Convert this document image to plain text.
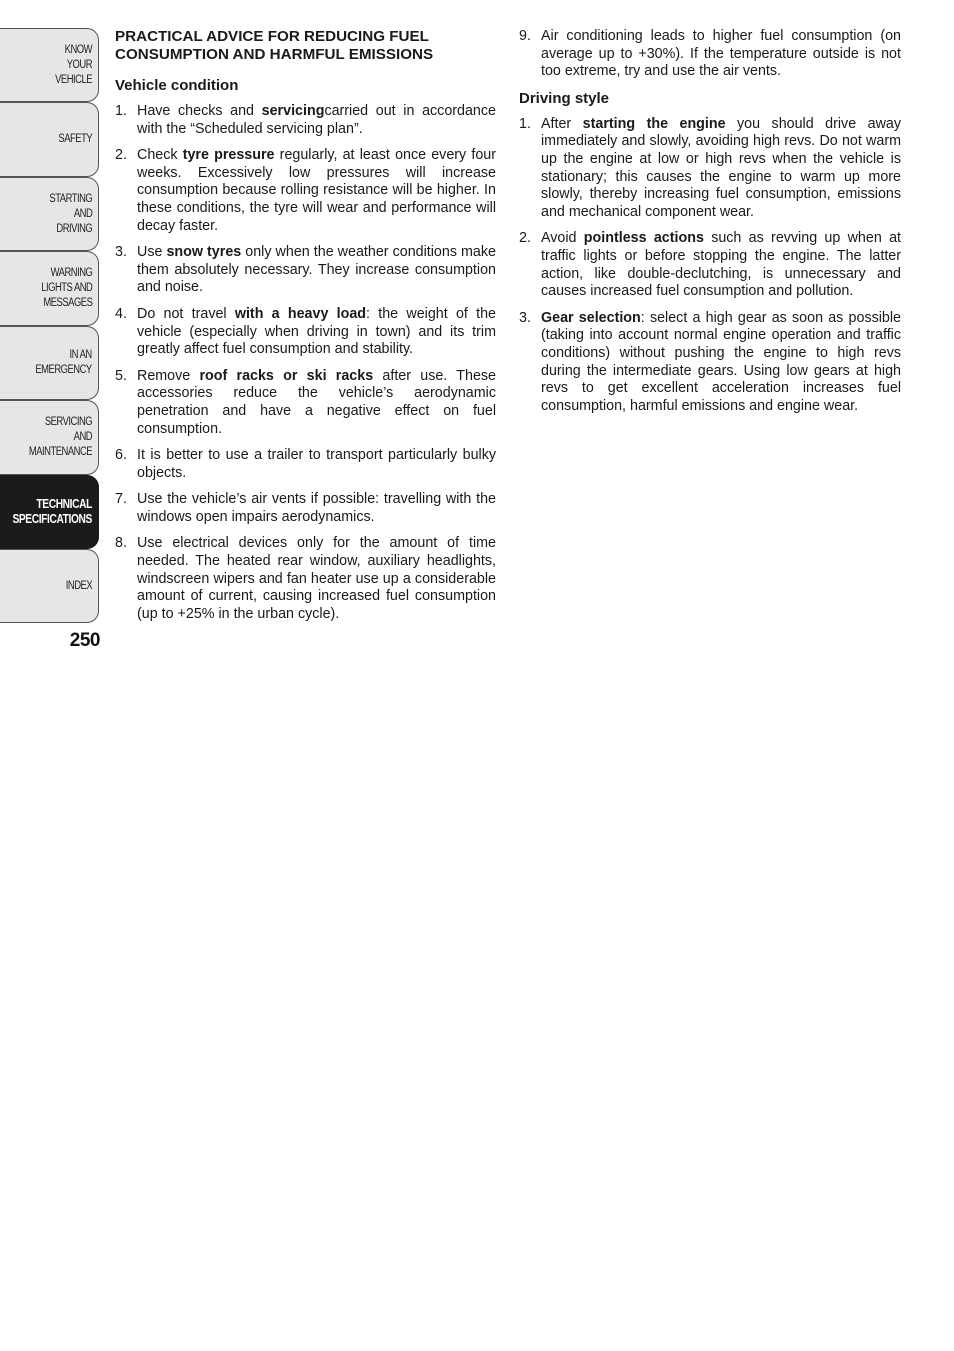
KNOW
YOUR
VEHICLE
SAFETY
STARTING
AND
DRIVING
WARNING
LIGHTS AND
MESSAGES
IN AN
EMERGENCY
SERVICING
AND
MAINTENANCE
TECHNICAL
SPECIFICATIONS
INDEX
250
PRACTICAL ADVICE FOR REDUCING FUEL CONSUMPTION AND HARMFUL EMISSIONS
Vehicle condition
1. Have checks and servicingcarried out in accordance with the “Scheduled servicing plan”.
2. Check tyre pressure regularly, at least once every four weeks. Excessively low pressures will increase consumption because rolling resistance will be higher. In these conditions, the tyre will wear and performance will decay faster.
3. Use snow tyres only when the weather conditions make them absolutely necessary. They increase consumption and noise.
4. Do not travel with a heavy load: the weight of the vehicle (especially when driving in town) and its trim greatly affect fuel consumption and stability.
5. Remove roof racks or ski racks after use. These accessories reduce the vehicle’s aerodynamic penetration and have a negative effect on fuel consumption.
6. It is better to use a trailer to transport particularly bulky objects.
7. Use the vehicle’s air vents if possible: travelling with the windows open impairs aerodynamics.
8. Use electrical devices only for the amount of time needed. The heated rear window, auxiliary headlights, windscreen wipers and fan heater use up a considerable amount of current, causing increased fuel consumption (up to +25% in the urban cycle).
9. Air conditioning leads to higher fuel consumption (on average up to +30%). If the temperature outside is not too extreme, try and use the air vents.
Driving style
1. After starting the engine you should drive away immediately and slowly, avoiding high revs. Do not warm up the engine at low or high revs when the vehicle is stationary; this causes the engine to warm up more slowly, thereby increasing fuel consumption, emissions and mechanical component wear.
2. Avoid pointless actions such as revving up when at traffic lights or before stopping the engine. The latter action, like double-declutching, is unnecessary and causes increased fuel consumption and pollution.
3. Gear selection: select a high gear as soon as possible (taking into account normal engine operation and traffic conditions) without pushing the engine to high revs during the intermediate gears. Using low gears at high revs to get excellent acceleration increases fuel consumption, harmful emissions and engine wear.
